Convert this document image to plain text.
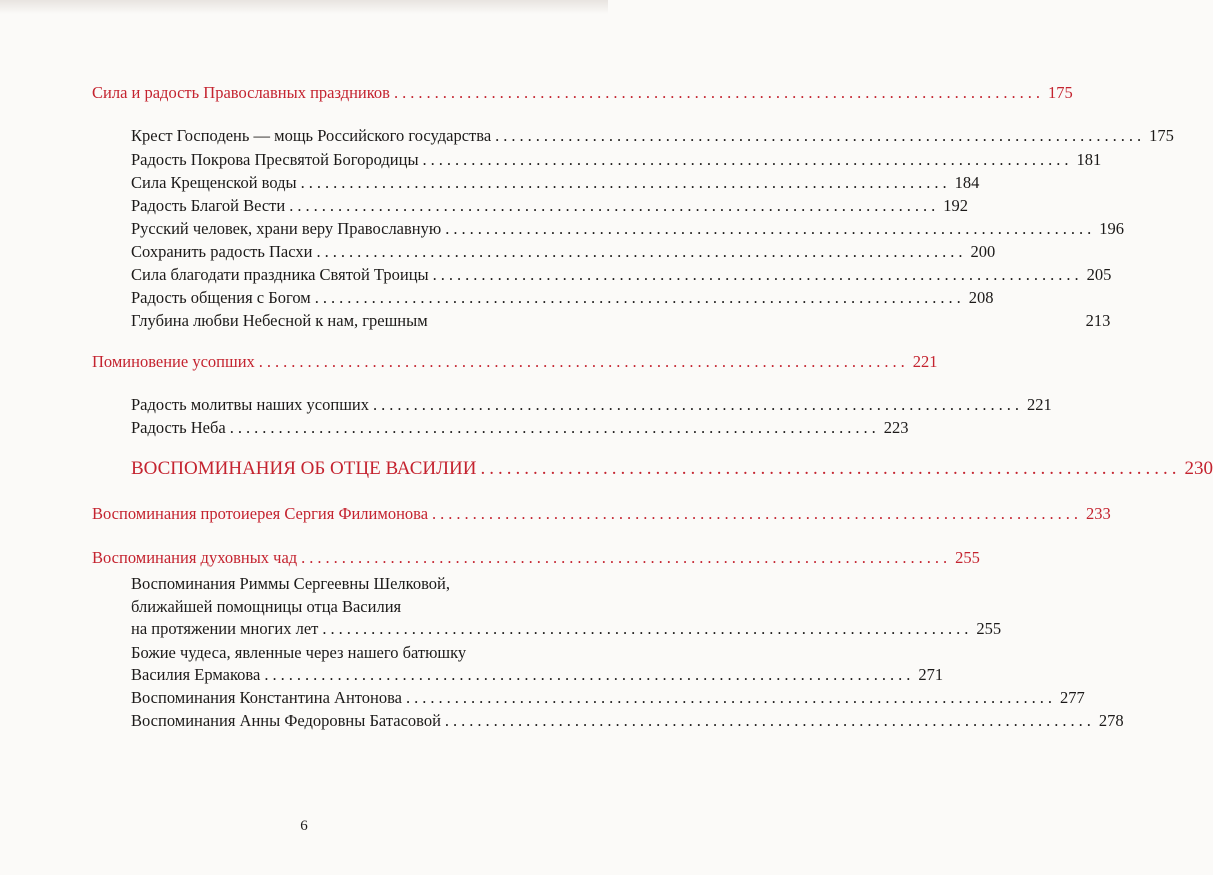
Сила и радость Православных праздников ................................................................................ 175
Крест Господень — мощь Российского государства ................................................................................ 175
Радость Покрова Пресвятой Богородицы ................................................................................ 181
Сила Крещенской воды ................................................................................ 184
Радость Благой Вести ................................................................................ 192
Русский человек, храни веру Православную ................................................................................ 196
Сохранить радость Пасхи ................................................................................ 200
Сила благодати праздника Святой Троицы ................................................................................ 205
Радость общения с Богом ................................................................................ 208
Глубина любви Небесной к нам, грешным	213
Поминовение усопших ................................................................................ 221
Радость молитвы наших усопших ................................................................................ 221
Радость Неба ................................................................................ 223
ВОСПОМИНАНИЯ ОБ ОТЦЕ ВАСИЛИИ ................................................................................ 230
Воспоминания протоиерея Сергия Филимонова ................................................................................ 233
Воспоминания духовных чад ................................................................................ 255
Воспоминания Риммы Сергеевны Шелковой,
ближайшей помощницы отца Василия
на протяжении многих лет ................................................................................ 255
Божие чудеса, явленные через нашего батюшку
Василия Ермакова ................................................................................ 271
Воспоминания Константина Антонова ................................................................................ 277
Воспоминания Анны Федоровны Батасовой ................................................................................ 278
6
